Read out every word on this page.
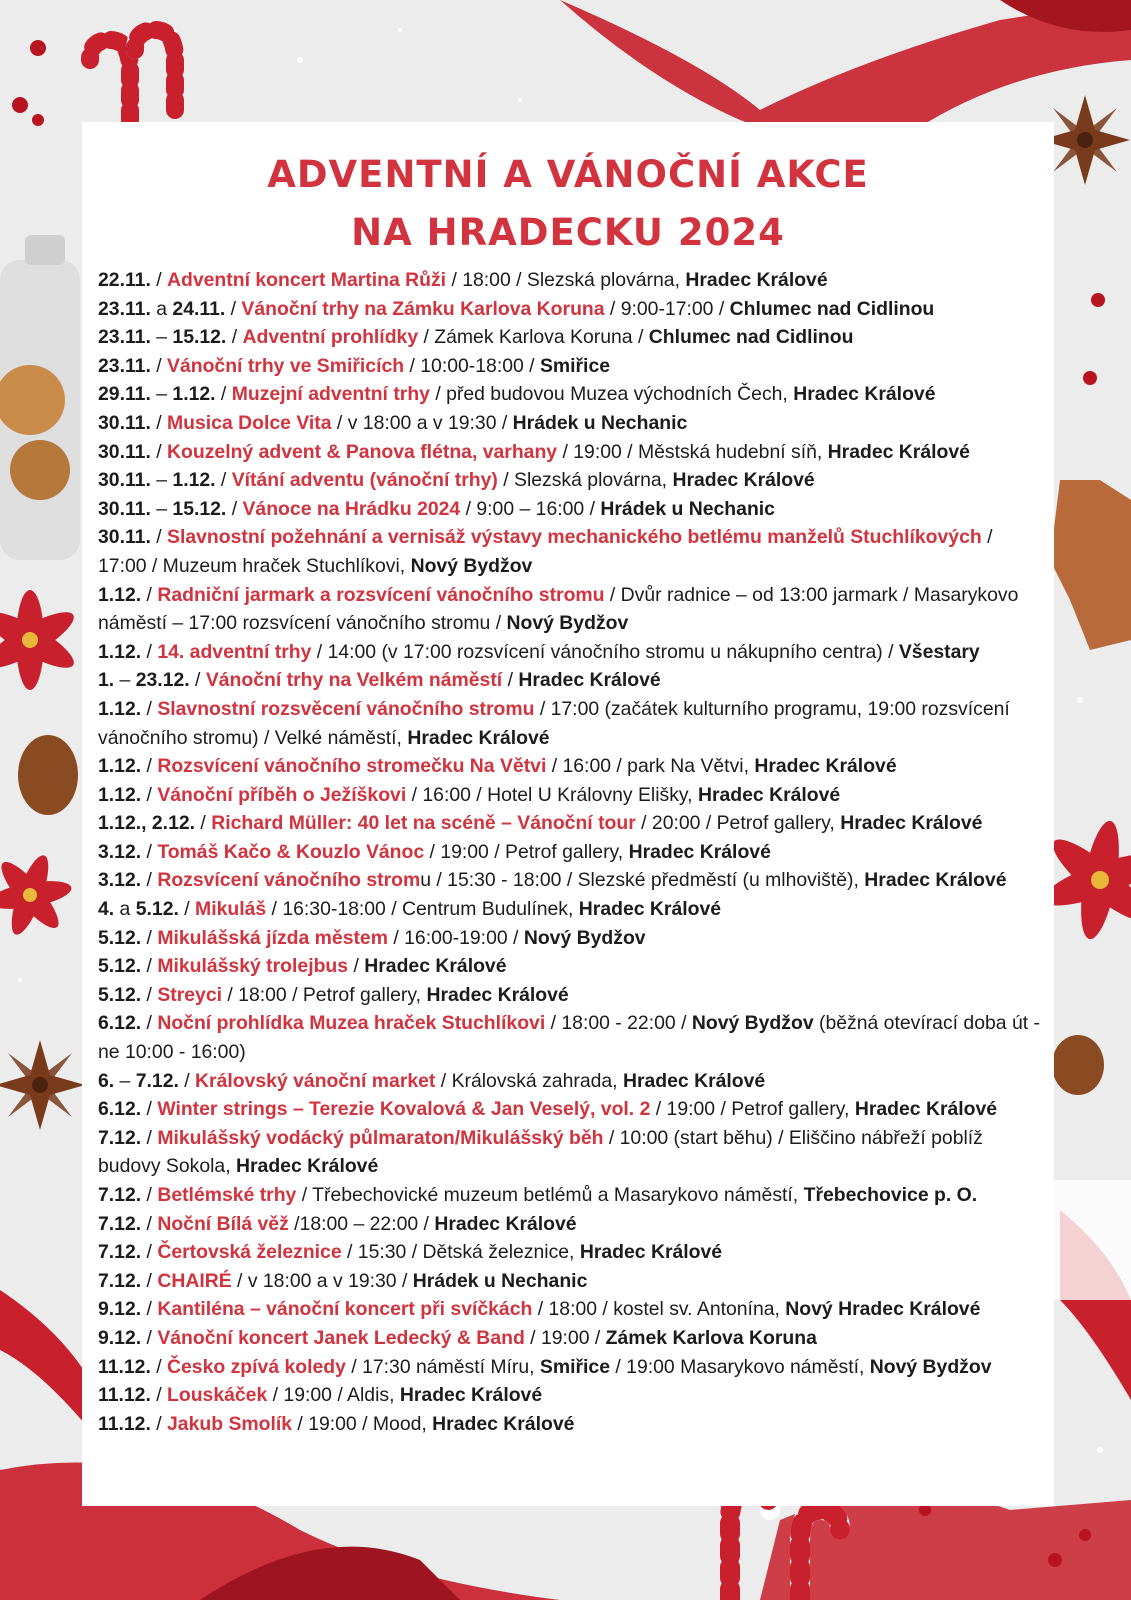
ADVENTNÍ A VÁNOČNÍ AKCE
NA HRADECKU 2024

22.11. / Adventní koncert Martina Růži / 18:00 / Slezská plovárna, Hradec Králové

23.11. a 24.11. / Vánoční trhy na Zámku Karlova Koruna / 9:00-17:00 / Chlumec nad Cidlinou

23.11. – 15.12. / Adventní prohlídky / Zámek Karlova Koruna / Chlumec nad Cidlinou

23.11. / Vánoční trhy ve Smiřicích / 10:00-18:00 / Smiřice

29.11. – 1.12. / Muzejní adventní trhy / před budovou Muzea východních Čech, Hradec Králové

30.11. / Musica Dolce Vita / v 18:00 a v 19:30 / Hrádek u Nechanic

30.11. / Kouzelný advent & Panova flétna, varhany / 19:00 / Městská hudební síň, Hradec Králové

30.11. – 1.12. / Vítání adventu (vánoční trhy) / Slezská plovárna, Hradec Králové

30.11. – 15.12. / Vánoce na Hrádku 2024 / 9:00 – 16:00 / Hrádek u Nechanic

30.11. / Slavnostní požehnání a vernisáž výstavy mechanického betlému manželů Stuchlíkových / 17:00 / Muzeum hraček Stuchlíkovi, Nový Bydžov

1.12. / Radniční jarmark a rozsvícení vánočního stromu / Dvůr radnice – od 13:00 jarmark / Masarykovo náměstí – 17:00 rozsvícení vánočního stromu / Nový Bydžov

1.12. / 14. adventní trhy / 14:00 (v 17:00 rozsvícení vánočního stromu u nákupního centra) / Všestary

1. – 23.12. / Vánoční trhy na Velkém náměstí / Hradec Králové

1.12. / Slavnostní rozsvěcení vánočního stromu / 17:00 (začátek kulturního programu, 19:00 rozsvícení vánočního stromu) / Velké náměstí, Hradec Králové

1.12. / Rozsvícení vánočního stromečku Na Větvi / 16:00 / park Na Větvi, Hradec Králové

1.12. / Vánoční příběh o Ježíškovi / 16:00 / Hotel U Královny Elišky, Hradec Králové

1.12., 2.12. / Richard Müller: 40 let na scéně – Vánoční tour / 20:00 / Petrof gallery, Hradec Králové

3.12. / Tomáš Kačo & Kouzlo Vánoc / 19:00 / Petrof gallery, Hradec Králové

3.12. / Rozsvícení vánočního stromu / 15:30 - 18:00 / Slezské předměstí (u mlhoviště), Hradec Králové

4. a 5.12. / Mikuláš / 16:30-18:00 / Centrum Budulínek, Hradec Králové

5.12. / Mikulášská jízda městem / 16:00-19:00 / Nový Bydžov

5.12. / Mikulášský trolejbus / Hradec Králové

5.12. / Streyci / 18:00 / Petrof gallery, Hradec Králové

6.12. / Noční prohlídka Muzea hraček Stuchlíkovi / 18:00 - 22:00 / Nový Bydžov (běžná otevírací doba út - ne 10:00 - 16:00)

6. – 7.12. / Královský vánoční market / Královská zahrada, Hradec Králové

6.12. / Winter strings – Terezie Kovalová & Jan Veselý, vol. 2 / 19:00 / Petrof gallery, Hradec Králové

7.12. / Mikulášský vodácký půlmaraton/Mikulášský běh / 10:00 (start běhu) / Eliščino nábřeží poblíž budovy Sokola, Hradec Králové

7.12. / Betlémské trhy / Třebechovické muzeum betlémů a Masarykovo náměstí, Třebechovice p. O.

7.12. / Noční Bílá věž /18:00 – 22:00 / Hradec Králové

7.12. / Čertovská železnice / 15:30 / Dětská železnice, Hradec Králové

7.12. / CHAIRÉ / v 18:00 a v 19:30 / Hrádek u Nechanic

9.12. / Kantiléna – vánoční koncert při svíčkách / 18:00 / kostel sv. Antonína, Nový Hradec Králové

9.12. / Vánoční koncert Janek Ledecký & Band / 19:00 / Zámek Karlova Koruna

11.12. / Česko zpívá koledy / 17:30 náměstí Míru, Smiřice / 19:00 Masarykovo náměstí, Nový Bydžov

11.12. / Louskáček / 19:00 / Aldis, Hradec Králové

11.12. / Jakub Smolík / 19:00 / Mood, Hradec Králové
